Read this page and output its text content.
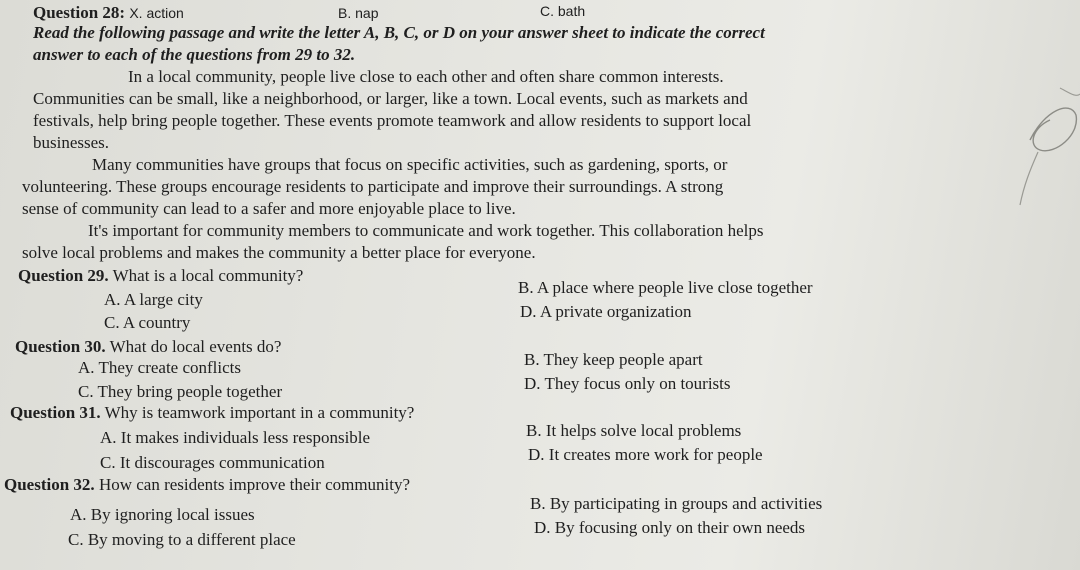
Question 28: X. action	B. nap	C. bath
Read the following passage and write the letter A, B, C, or D on your answer sheet to indicate the correct
answer to each of the questions from 29 to 32.
In a local community, people live close to each other and often share common interests.
Communities can be small, like a neighborhood, or larger, like a town. Local events, such as markets and
festivals, help bring people together. These events promote teamwork and allow residents to support local
businesses.
Many communities have groups that focus on specific activities, such as gardening, sports, or
volunteering. These groups encourage residents to participate and improve their surroundings. A strong
sense of community can lead to a safer and more enjoyable place to live.
It's important for community members to communicate and work together. This collaboration helps
solve local problems and makes the community a better place for everyone.
Question 29. What is a local community?
A. A large city
B. A place where people live close together
C. A country
D. A private organization
Question 30. What do local events do?
A. They create conflicts	B. They keep people apart
C. They bring people together	D. They focus only on tourists
Question 31. Why is teamwork important in a community?
A. It makes individuals less responsible	B. It helps solve local problems
C. It discourages communication	D. It creates more work for people
Question 32. How can residents improve their community?
A. By ignoring local issues
B. By participating in groups and activities
C. By moving to a different place
D. By focusing only on their own needs
